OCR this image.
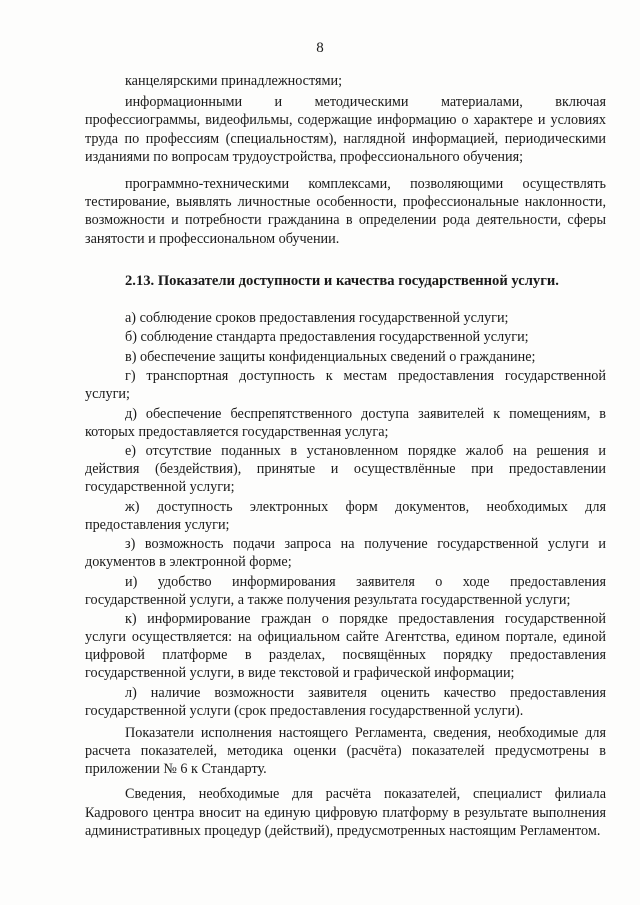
8

канцелярскими принадлежностями;

информационными и методическими материалами, включая профессиограммы, видеофильмы, содержащие информацию о характере и условиях труда по профессиям (специальностям), наглядной информацией, периодическими изданиями по вопросам трудоустройства, профессионального обучения;

программно-техническими комплексами, позволяющими осуществлять тестирование, выявлять личностные особенности, профессиональные наклонности, возможности и потребности гражданина в определении рода деятельности, сферы занятости и профессиональном обучении.

2.13. Показатели доступности и качества государственной услуги.

а) соблюдение сроков предоставления государственной услуги;

б) соблюдение стандарта предоставления государственной услуги;

в) обеспечение защиты конфиденциальных сведений о гражданине;

г) транспортная доступность к местам предоставления государственной услуги;

д) обеспечение беспрепятственного доступа заявителей к помещениям, в которых предоставляется государственная услуга;

е) отсутствие поданных в установленном порядке жалоб на решения и действия (бездействия), принятые и осуществлённые при предоставлении государственной услуги;

ж) доступность электронных форм документов, необходимых для предоставления услуги;

з) возможность подачи запроса на получение государственной услуги и документов в электронной форме;

и) удобство информирования заявителя о ходе предоставления государственной услуги, а также получения результата государственной услуги;

к) информирование граждан о порядке предоставления государственной услуги осуществляется: на официальном сайте Агентства, едином портале, единой цифровой платформе в разделах, посвящённых порядку предоставления государственной услуги, в виде текстовой и графической информации;

л) наличие возможности заявителя оценить качество предоставления государственной услуги (срок предоставления государственной услуги).

Показатели исполнения настоящего Регламента, сведения, необходимые для расчета показателей, методика оценки (расчёта) показателей предусмотрены в приложении № 6 к Стандарту.

Сведения, необходимые для расчёта показателей, специалист филиала Кадрового центра вносит на единую цифровую платформу в результате выполнения административных процедур (действий), предусмотренных настоящим Регламентом.
